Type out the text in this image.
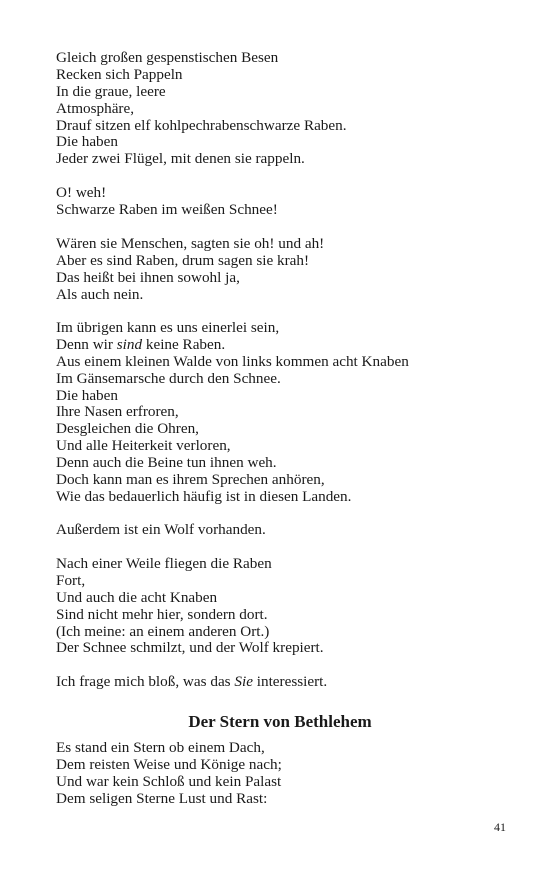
Gleich großen gespenstischen Besen
Recken sich Pappeln
In die graue, leere
Atmosphäre,
Drauf sitzen elf kohlpechrabenschwarze Raben.
Die haben
Jeder zwei Flügel, mit denen sie rappeln.
O! weh!
Schwarze Raben im weißen Schnee!
Wären sie Menschen, sagten sie oh! und ah!
Aber es sind Raben, drum sagen sie krah!
Das heißt bei ihnen sowohl ja,
Als auch nein.
Im übrigen kann es uns einerlei sein,
Denn wir sind keine Raben.
Aus einem kleinen Walde von links kommen acht Knaben
Im Gänsemarsche durch den Schnee.
Die haben
Ihre Nasen erfroren,
Desgleichen die Ohren,
Und alle Heiterkeit verloren,
Denn auch die Beine tun ihnen weh.
Doch kann man es ihrem Sprechen anhören,
Wie das bedauerlich häufig ist in diesen Landen.
Außerdem ist ein Wolf vorhanden.
Nach einer Weile fliegen die Raben
Fort,
Und auch die acht Knaben
Sind nicht mehr hier, sondern dort.
(Ich meine: an einem anderen Ort.)
Der Schnee schmilzt, und der Wolf krepiert.
Ich frage mich bloß, was das Sie interessiert.
Der Stern von Bethlehem
Es stand ein Stern ob einem Dach,
Dem reisten Weise und Könige nach;
Und war kein Schloß und kein Palast
Dem seligen Sterne Lust und Rast:
41
